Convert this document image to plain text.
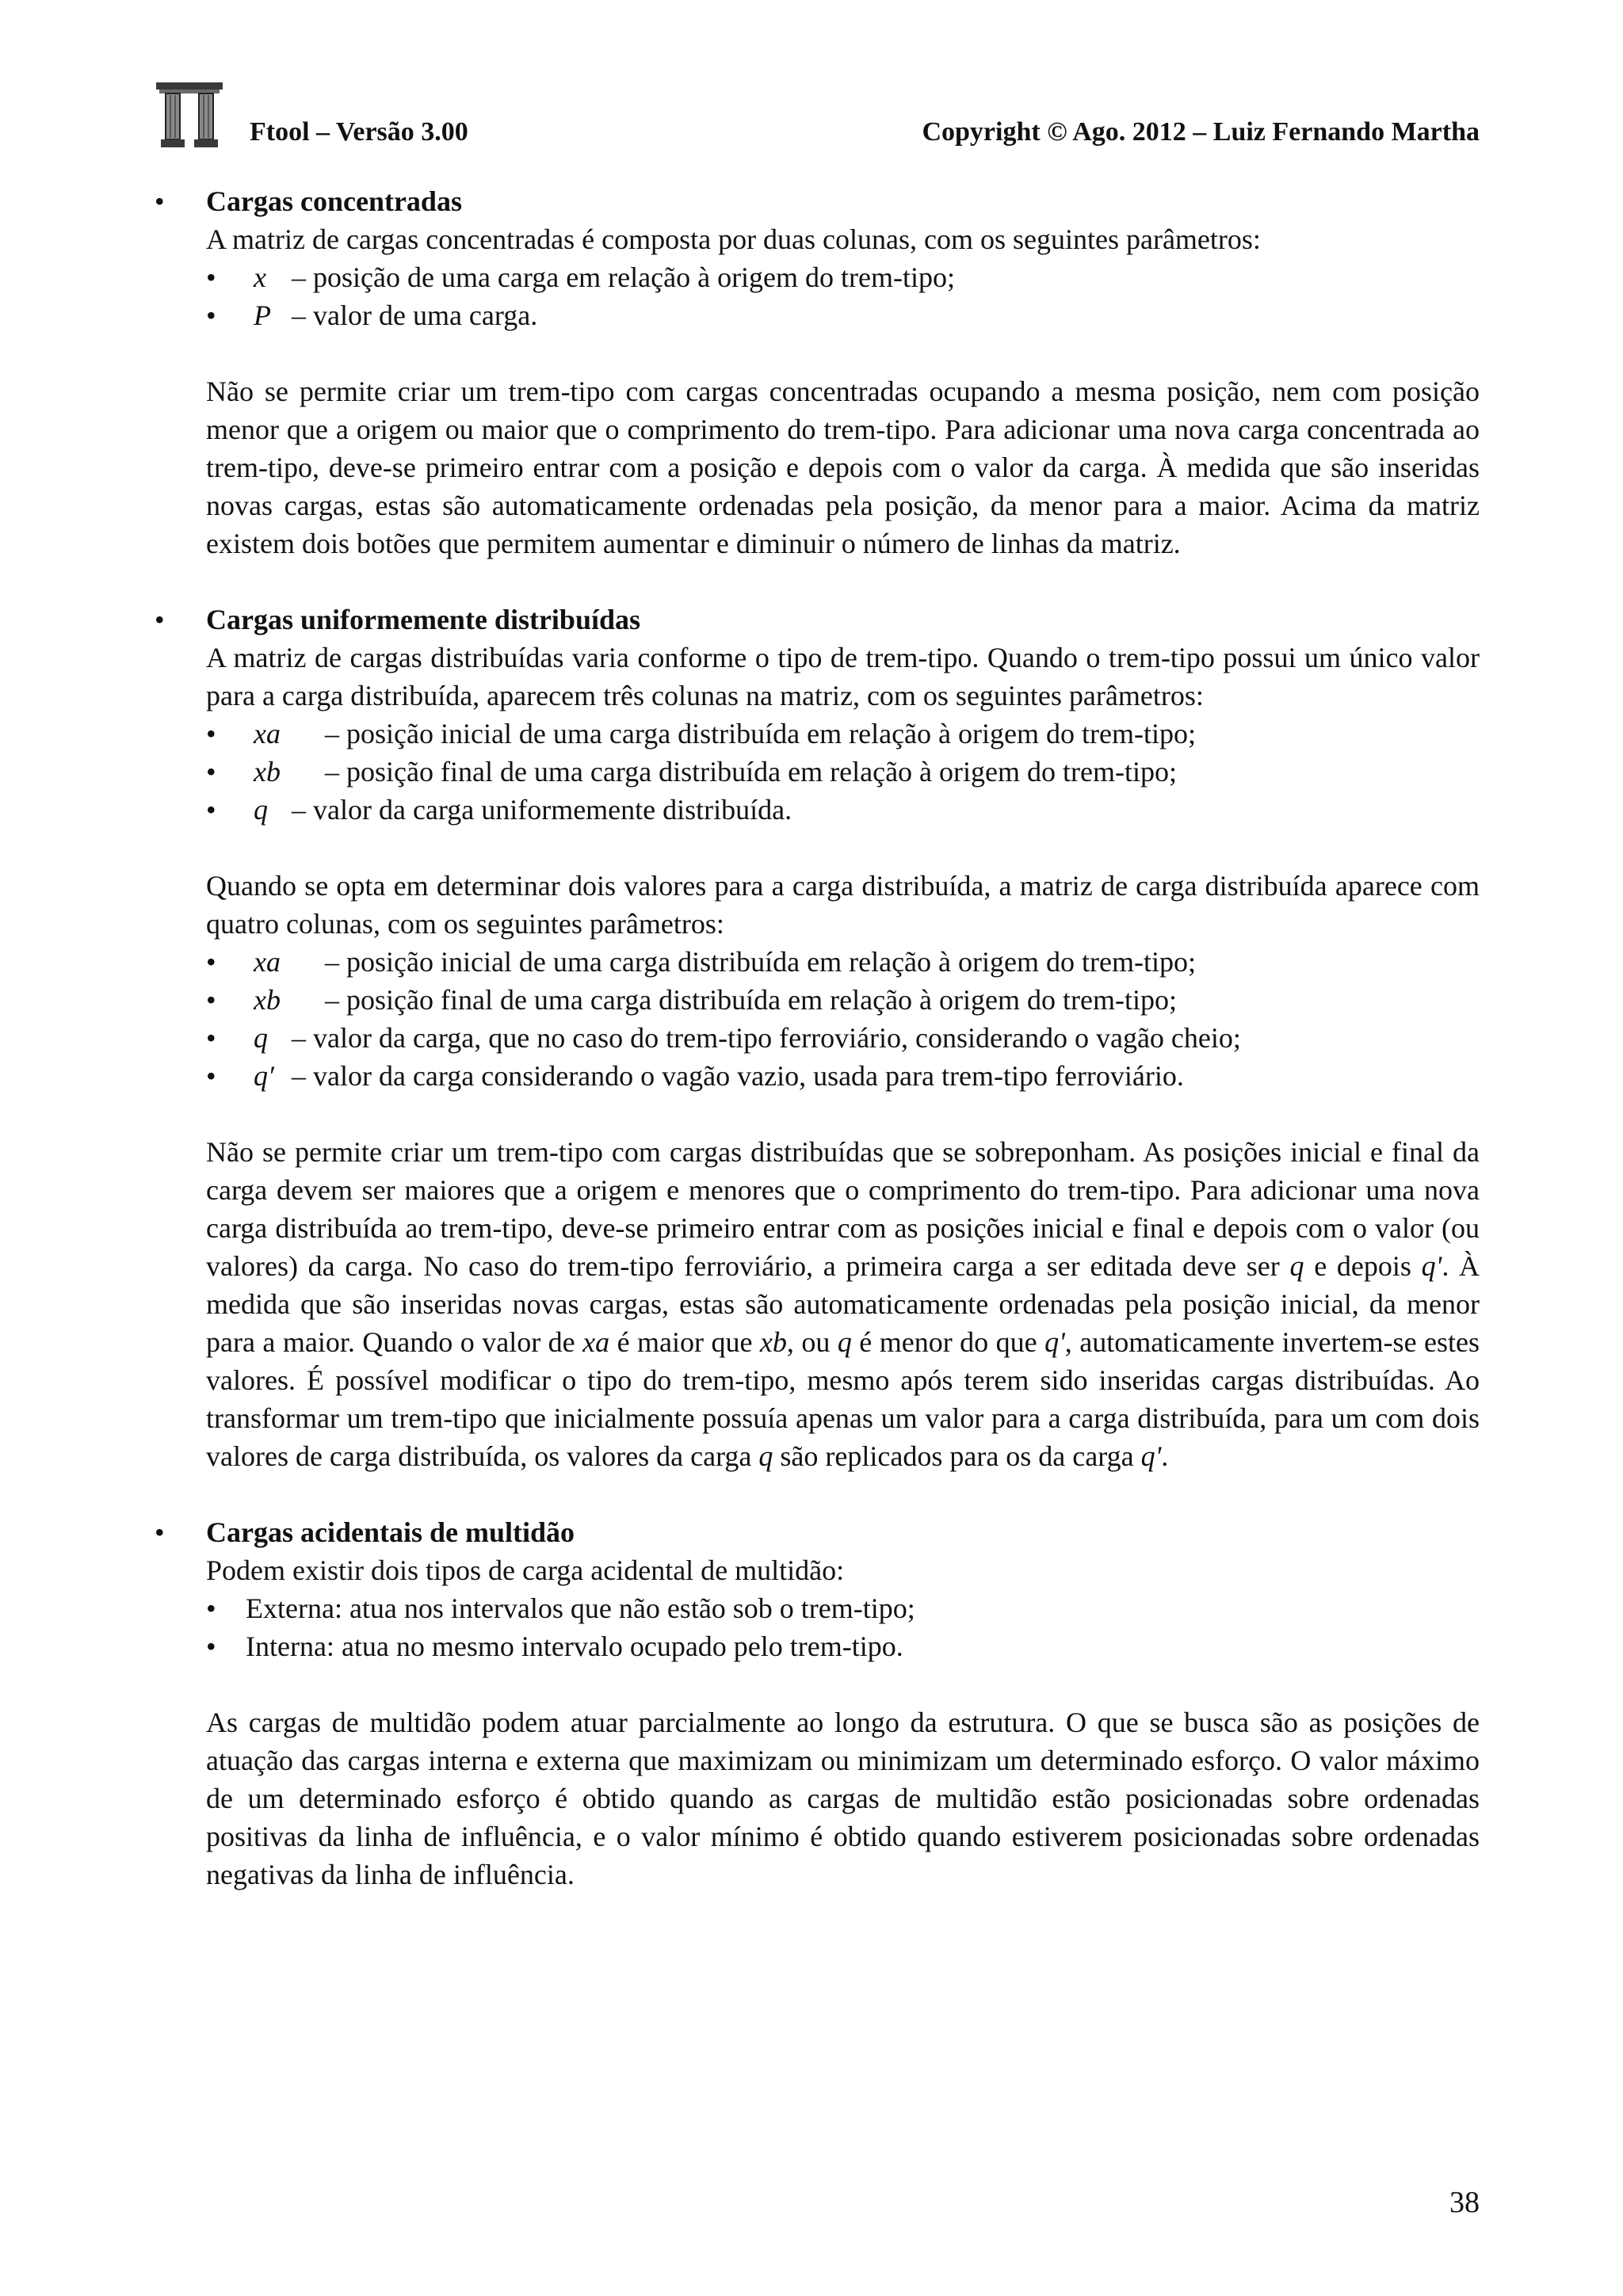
Ftool – Versão 3.00	Copyright © Ago. 2012 – Luiz Fernando Martha
• Cargas concentradas

A matriz de cargas concentradas é composta por duas colunas, com os seguintes parâmetros:

• x – posição de uma carga em relação à origem do trem-tipo;
• P – valor de uma carga.

Não se permite criar um trem-tipo com cargas concentradas ocupando a mesma posição, nem com posição menor que a origem ou maior que o comprimento do trem-tipo. Para adicionar uma nova carga concentrada ao trem-tipo, deve-se primeiro entrar com a posição e depois com o valor da carga. À medida que são inseridas novas cargas, estas são automaticamente ordenadas pela posição, da menor para a maior. Acima da matriz existem dois botões que permitem aumentar e diminuir o número de linhas da matriz.

• Cargas uniformemente distribuídas

A matriz de cargas distribuídas varia conforme o tipo de trem-tipo. Quando o trem-tipo possui um único valor para a carga distribuída, aparecem três colunas na matriz, com os seguintes parâmetros:

• xa – posição inicial de uma carga distribuída em relação à origem do trem-tipo;
• xb – posição final de uma carga distribuída em relação à origem do trem-tipo;
• q – valor da carga uniformemente distribuída.

Quando se opta em determinar dois valores para a carga distribuída, a matriz de carga distribuída aparece com quatro colunas, com os seguintes parâmetros:

• xa – posição inicial de uma carga distribuída em relação à origem do trem-tipo;
• xb – posição final de uma carga distribuída em relação à origem do trem-tipo;
• q – valor da carga, que no caso do trem-tipo ferroviário, considerando o vagão cheio;
• q′ – valor da carga considerando o vagão vazio, usada para trem-tipo ferroviário.

Não se permite criar um trem-tipo com cargas distribuídas que se sobreponham. As posições inicial e final da carga devem ser maiores que a origem e menores que o comprimento do trem-tipo. Para adicionar uma nova carga distribuída ao trem-tipo, deve-se primeiro entrar com as posições inicial e final e depois com o valor (ou valores) da carga. No caso do trem-tipo ferroviário, a primeira carga a ser editada deve ser q e depois q'. À medida que são inseridas novas cargas, estas são automaticamente ordenadas pela posição inicial, da menor para a maior. Quando o valor de xa é maior que xb, ou q é menor do que q', automaticamente invertem-se estes valores. É possível modificar o tipo do trem-tipo, mesmo após terem sido inseridas cargas distribuídas. Ao transformar um trem-tipo que inicialmente possuía apenas um valor para a carga distribuída, para um com dois valores de carga distribuída, os valores da carga q são replicados para os da carga q'.

• Cargas acidentais de multidão

Podem existir dois tipos de carga acidental de multidão:

• Externa: atua nos intervalos que não estão sob o trem-tipo;
• Interna: atua no mesmo intervalo ocupado pelo trem-tipo.

As cargas de multidão podem atuar parcialmente ao longo da estrutura. O que se busca são as posições de atuação das cargas interna e externa que maximizam ou minimizam um determinado esforço. O valor máximo de um determinado esforço é obtido quando as cargas de multidão estão posicionadas sobre ordenadas positivas da linha de influência, e o valor mínimo é obtido quando estiverem posicionadas sobre ordenadas negativas da linha de influência.

38
